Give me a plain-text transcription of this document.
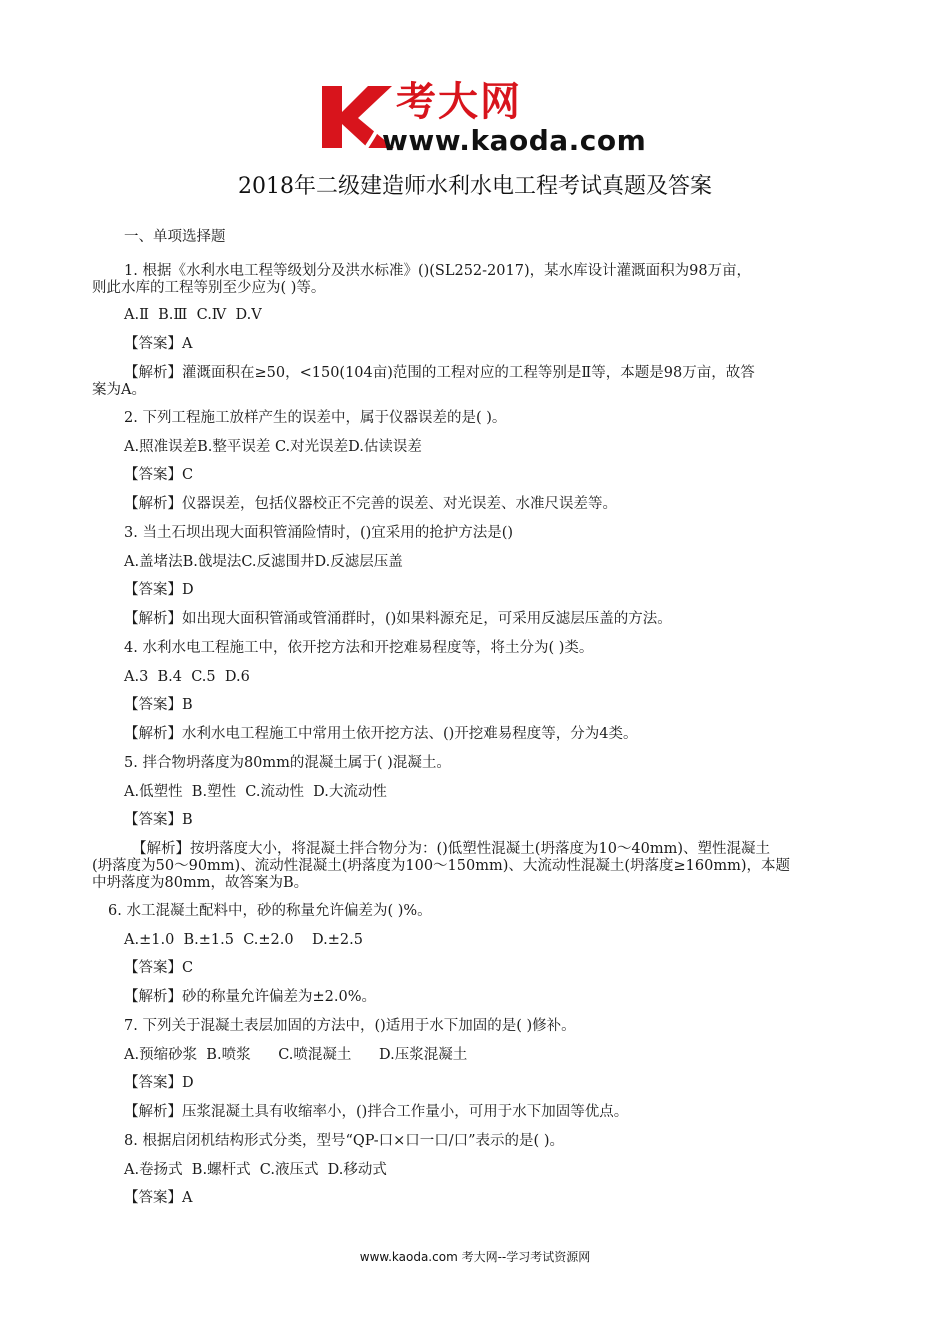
考大网
www.kaoda.com
2018年二级建造师水利水电工程考试真题及答案
一、单项选择题
1. 根据《水利水电工程等级划分及洪水标准》()(SL252-2017)，某水库设计灌溉面积为98万亩，
则此水库的工程等别至少应为( )等。
A.Ⅱ  B.Ⅲ  C.Ⅳ  D.Ⅴ
【答案】A
【解析】灌溉面积在≥50，<150(104亩)范围的工程对应的工程等别是Ⅱ等，本题是98万亩，故答
案为A。
2. 下列工程施工放样产生的误差中，属于仪器误差的是( )。
A.照准误差B.整平误差 C.对光误差D.估读误差
【答案】C
【解析】仪器误差，包括仪器校正不完善的误差、对光误差、水准尺误差等。
3. 当土石坝出现大面积管涌险情时，()宜采用的抢护方法是()
A.盖堵法B.戗堤法C.反滤围井D.反滤层压盖
【答案】D
【解析】如出现大面积管涌或管涌群时，()如果料源充足，可采用反滤层压盖的方法。
4. 水利水电工程施工中，依开挖方法和开挖难易程度等，将土分为( )类。
A.3  B.4  C.5  D.6
【答案】B
【解析】水利水电工程施工中常用土依开挖方法、()开挖难易程度等，分为4类。
5. 拌合物坍落度为80mm的混凝土属于( )混凝土。
A.低塑性  B.塑性  C.流动性  D.大流动性
【答案】B
【解析】按坍落度大小，将混凝土拌合物分为：()低塑性混凝土(坍落度为10～40mm)、塑性混凝土
(坍落度为50～90mm)、流动性混凝土(坍落度为100～150mm)、大流动性混凝土(坍落度≥160mm)，本题
中坍落度为80mm，故答案为B。
6. 水工混凝土配料中，砂的称量允许偏差为( )%。
A.±1.0  B.±1.5  C.±2.0    D.±2.5
【答案】C
【解析】砂的称量允许偏差为±2.0%。
7. 下列关于混凝土表层加固的方法中，()适用于水下加固的是( )修补。
A.预缩砂浆  B.喷浆      C.喷混凝土      D.压浆混凝土
【答案】D
【解析】压浆混凝土具有收缩率小，()拌合工作量小，可用于水下加固等优点。
8. 根据启闭机结构形式分类，型号“QP-口×口一口/口”表示的是( )。
A.卷扬式  B.螺杆式  C.液压式  D.移动式
【答案】A
www.kaoda.com 考大网--学习考试资源网
